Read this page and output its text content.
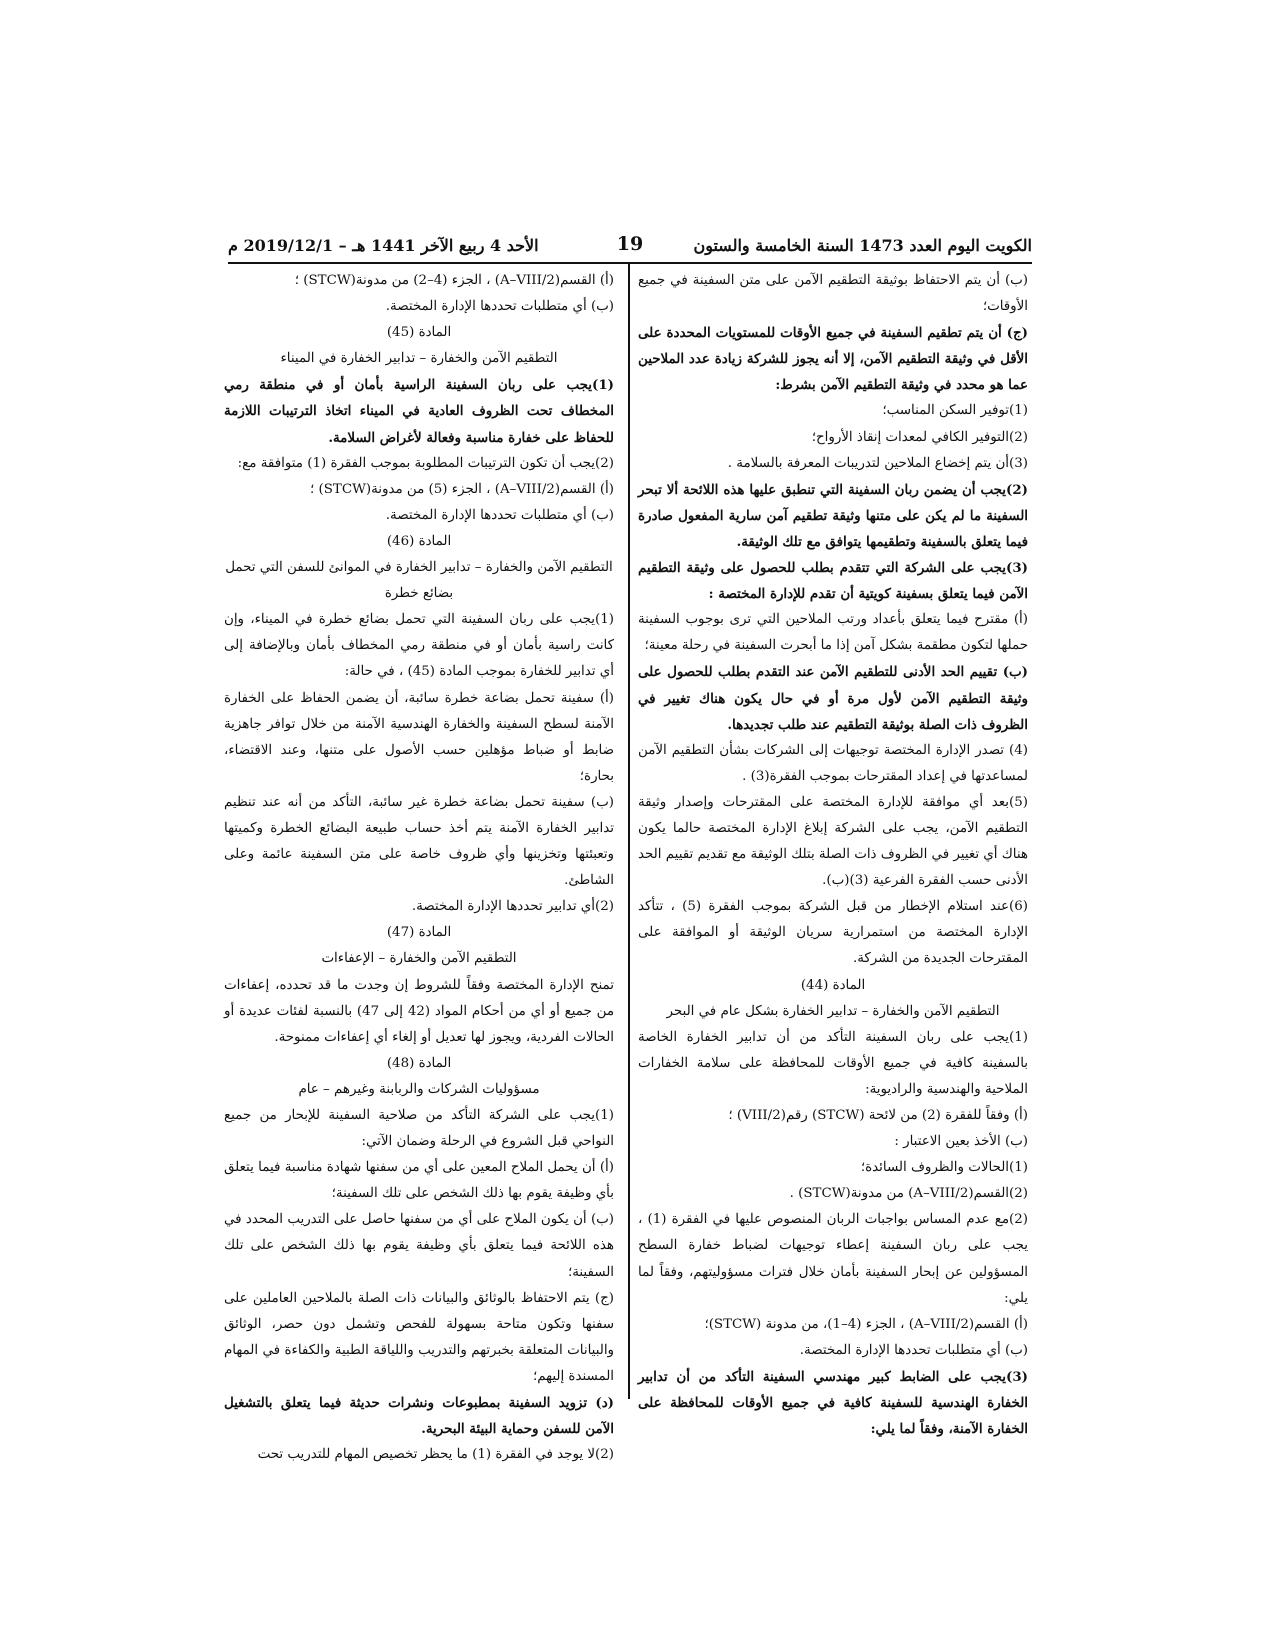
الكويت اليوم العدد 1473 السنة الخامسة والستون
19
الأحد 4 ربيع الآخر 1441 هـ – 2019/12/1 م

(ب) أن يتم الاحتفاظ بوثيقة التطقيم الآمن على متن السفينة في جميع الأوقات؛

(ج) أن يتم تطقيم السفينة في جميع الأوقات للمستويات المحددة على الأقل في وثيقة التطقيم الآمن، إلا أنه يجوز للشركة زيادة عدد الملاحين عما هو محدد في وثيقة التطقيم الآمن بشرط:

(1)توفير السكن المناسب؛

(2)التوفير الكافي لمعدات إنقاذ الأرواح؛

(3)أن يتم إخضاع الملاحين لتدريبات المعرفة بالسلامة .

(2)يجب أن يضمن ربان السفينة التي تنطبق عليها هذه اللائحة ألا تبحر السفينة ما لم يكن على متنها وثيقة تطقيم آمن سارية المفعول صادرة فيما يتعلق بالسفينة وتطقيمها يتوافق مع تلك الوثيقة.

(3)يجب على الشركة التي تتقدم بطلب للحصول على وثيقة التطقيم الآمن فيما يتعلق بسفينة كويتية أن تقدم للإدارة المختصة :

(أ) مقترح فيما يتعلق بأعداد ورتب الملاحين التي ترى بوجوب السفينة حملها لتكون مطقمة بشكل آمن إذا ما أبحرت السفينة في رحلة معينة؛

(ب) تقييم الحد الأدنى للتطقيم الآمن عند التقدم بطلب للحصول على وثيقة التطقيم الآمن لأول مرة أو في حال يكون هناك تغيير في الظروف ذات الصلة بوثيقة التطقيم عند طلب تجديدها.

(4) تصدر الإدارة المختصة توجيهات إلى الشركات بشأن التطقيم الآمن لمساعدتها في إعداد المقترحات بموجب الفقرة(3) .

(5)بعد أي موافقة للإدارة المختصة على المقترحات وإصدار وثيقة التطقيم الآمن، يجب على الشركة إبلاغ الإدارة المختصة حالما يكون هناك أي تغيير في الظروف ذات الصلة بتلك الوثيقة مع تقديم تقييم الحد الأدنى حسب الفقرة الفرعية (3)(ب).

(6)عند استلام الإخطار من قبل الشركة بموجب الفقرة (5) ، تتأكد الإدارة المختصة من استمرارية سريان الوثيقة أو الموافقة على المقترحات الجديدة من الشركة.

المادة (44)

التطقيم الآمن والخفارة – تدابير الخفارة بشكل عام في البحر

(1)يجب على ربان السفينة التأكد من أن تدابير الخفارة الخاصة بالسفينة كافية في جميع الأوقات للمحافظة على سلامة الخفارات الملاحية والهندسية والراديوية:

(أ) وفقاً للفقرة (2) من لائحة (STCW) رقم(VIII/2) ؛

(ب) الأخذ بعين الاعتبار :

(1)الحالات والظروف السائدة؛

(2)القسم(A–VIII/2) من مدونة(STCW) .

(2)مع عدم المساس بواجبات الربان المنصوص عليها في الفقرة (1) ، يجب على ربان السفينة إعطاء توجيهات لضباط خفارة السطح المسؤولين عن إبحار السفينة بأمان خلال فترات مسؤوليتهم، وفقاً لما يلي:

(أ) القسم(A–VIII/2) ، الجزء (4–1)، من مدونة (STCW)؛

(ب) أي متطلبات تحددها الإدارة المختصة.

(3)يجب على الضابط كبير مهندسي السفينة التأكد من أن تدابير الخفارة الهندسية للسفينة كافية في جميع الأوقات للمحافظة على الخفارة الآمنة، وفقاً لما يلي:

(أ) القسم(A–VIII/2) ، الجزء (4–2) من مدونة(STCW) ؛

(ب) أي متطلبات تحددها الإدارة المختصة.

المادة (45)

التطقيم الآمن والخفارة – تدابير الخفارة في الميناء

(1)يجب على ربان السفينة الراسية بأمان أو في منطقة رمي المخطاف تحت الظروف العادية في الميناء اتخاذ الترتيبات اللازمة للحفاظ على خفارة مناسبة وفعالة لأغراض السلامة.

(2)يجب أن تكون الترتيبات المطلوبة بموجب الفقرة (1) متوافقة مع:

(أ) القسم(A–VIII/2) ، الجزء (5) من مدونة(STCW) ؛

(ب) أي متطلبات تحددها الإدارة المختصة.

المادة (46)

التطقيم الآمن والخفارة – تدابير الخفارة في الموانئ للسفن التي تحمل بضائع خطرة

(1)يجب على ربان السفينة التي تحمل بضائع خطرة في الميناء، وإن كانت راسية بأمان أو في منطقة رمي المخطاف بأمان وبالإضافة إلى أي تدابير للخفارة بموجب المادة (45) ، في حالة:

(أ) سفينة تحمل بضاعة خطرة سائبة، أن يضمن الحفاظ على الخفارة الآمنة لسطح السفينة والخفارة الهندسية الآمنة من خلال توافر جاهزية ضابط أو ضباط مؤهلين حسب الأصول على متنها، وعند الاقتضاء، بحارة؛

(ب) سفينة تحمل بضاعة خطرة غير سائبة، التأكد من أنه عند تنظيم تدابير الخفارة الآمنة يتم أخذ حساب طبيعة البضائع الخطرة وكميتها وتعبئتها وتخزينها وأي ظروف خاصة على متن السفينة عائمة وعلى الشاطئ.

(2)أي تدابير تحددها الإدارة المختصة.

المادة (47)

التطقيم الآمن والخفارة – الإعفاءات

تمنح الإدارة المختصة وفقاً للشروط إن وجدت ما قد تحدده، إعفاءات من جميع أو أي من أحكام المواد (42 إلى 47) بالنسبة لفئات عديدة أو الحالات الفردية، ويجوز لها تعديل أو إلغاء أي إعفاءات ممنوحة.

المادة (48)

مسؤوليات الشركات والربابنة وغيرهم – عام

(1)يجب على الشركة التأكد من صلاحية السفينة للإبحار من جميع النواحي قبل الشروع في الرحلة وضمان الآتي:

(أ) أن يحمل الملاح المعين على أي من سفنها شهادة مناسبة فيما يتعلق بأي وظيفة يقوم بها ذلك الشخص على تلك السفينة؛

(ب) أن يكون الملاح على أي من سفنها حاصل على التدريب المحدد في هذه اللائحة فيما يتعلق بأي وظيفة يقوم بها ذلك الشخص على تلك السفينة؛

(ج) يتم الاحتفاظ بالوثائق والبيانات ذات الصلة بالملاحين العاملين على سفنها وتكون متاحة بسهولة للفحص وتشمل دون حصر، الوثائق والبيانات المتعلقة بخبرتهم والتدريب واللياقة الطبية والكفاءة في المهام المسندة إليهم؛

(د) تزويد السفينة بمطبوعات ونشرات حديثة فيما يتعلق بالتشغيل الآمن للسفن وحماية البيئة البحرية.

(2)لا يوجد في الفقرة (1) ما يحظر تخصيص المهام للتدريب تحت
